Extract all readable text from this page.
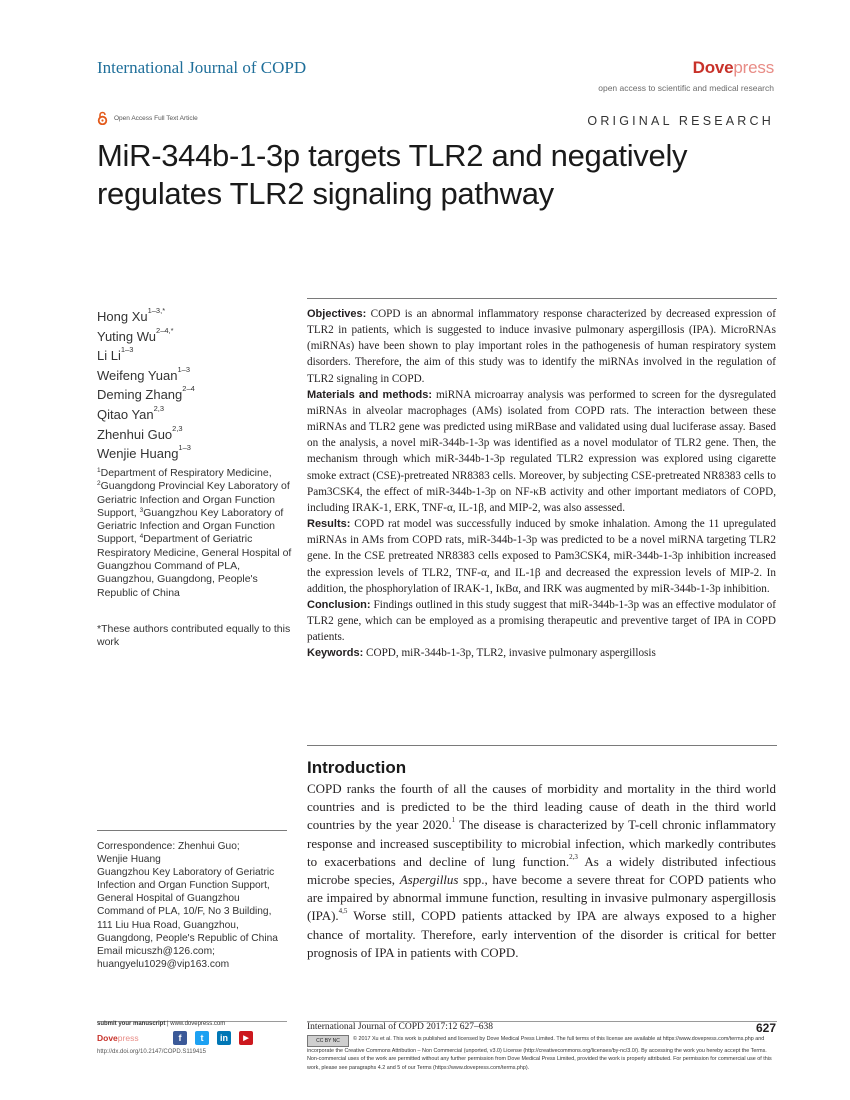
International Journal of COPD	Dovepress
open access to scientific and medical research
Open Access Full Text Article	ORIGINAL RESEARCH
MiR-344b-1-3p targets TLR2 and negatively regulates TLR2 signaling pathway
Hong $Xu^{1-3,*}$
Yuting $Wu^{2-4,*}$
Li Li$^{1-3}$
Weifeng Yuan$^{1-3}$
Deming Zhang$^{2-4}$
Qitao Yan$^{2,3}$
Zhenhui Guo$^{2,3}$
Wenjie Huang$^{1-3}$
$^1$Department of Respiratory Medicine, $^2$Guangdong Provincial Key Laboratory of Geriatric Infection and Organ Function Support, $^3$Guangzhou Key Laboratory of Geriatric Infection and Organ Function Support, $^4$Department of Geriatric Respiratory Medicine, General Hospital of Guangzhou Command of PLA, Guangzhou, Guangdong, People's Republic of China
*These authors contributed equally to this work
Correspondence: Zhenhui Guo;
Wenjie Huang
Guangzhou Key Laboratory of Geriatric
Infection and Organ Function Support,
General Hospital of Guangzhou
Command of PLA, 10/F, No 3 Building,
111 Liu Hua Road, Guangzhou,
Guangdong, People's Republic of China
Email micuszh@126.com;
huangyelu1029@vip163.com

Objectives: COPD is an abnormal inflammatory response characterized by decreased expression of TLR2 in patients, which is suggested to induce invasive pulmonary aspergillosis (IPA). MicroRNAs (miRNAs) have been shown to play important roles in the pathogenesis of human respiratory system disorders. Therefore, the aim of this study was to identify the miRNAs involved in the regulation of TLR2 signaling in COPD.

Materials and methods: miRNA microarray analysis was performed to screen for the dysregulated miRNAs in alveolar macrophages (AMs) isolated from COPD rats. The interaction between these miRNAs and TLR2 gene was predicted using miRBase and validated using dual luciferase assay. Based on the analysis, a novel miR-344b-1-3p was identified as a novel modulator of TLR2 gene. Then, the mechanism through which miR-344b-1-3p regulated TLR2 expression was explored using cigarette smoke extract (CSE)-pretreated NR8383 cells. Moreover, by subjecting CSE-pretreated NR8383 cells to Pam3CSK4, the effect of miR-344b-1-3p on NF-κB activity and other important mediators of COPD, including IRAK-1, ERK, TNF-α, IL-1β, and MIP-2, was also assessed.

Results: COPD rat model was successfully induced by smoke inhalation. Among the 11 upregulated miRNAs in AMs from COPD rats, miR-344b-1-3p was predicted to be a novel miRNA targeting TLR2 gene. In the CSE pretreated NR8383 cells exposed to Pam3CSK4, miR-344b-1-3p inhibition increased the expression levels of TLR2, TNF-α, and IL-1β and decreased the expression levels of MIP-2. In addition, the phosphorylation of IRAK-1, IκBα, and IRK was augmented by miR-344b-1-3p inhibition.

Conclusion: Findings outlined in this study suggest that miR-344b-1-3p was an effective modulator of TLR2 gene, which can be employed as a promising therapeutic and preventive target of IPA in COPD patients.

Keywords: COPD, miR-344b-1-3p, TLR2, invasive pulmonary aspergillosis

Introduction
COPD ranks the fourth of all the causes of morbidity and mortality in the third world countries and is predicted to be the third leading cause of death in the third world countries by the year 2020.$^1$ The disease is characterized by T-cell chronic inflammatory response and increased susceptibility to microbial infection, which markedly contributes to exacerbations and decline of lung function.$^{2,3}$ As a widely distributed infectious microbe species, Aspergillus spp., have become a severe threat for COPD patients who are impaired by abnormal immune function, resulting in invasive pulmonary aspergillosis (IPA).$^{4,5}$ Worse still, COPD patients attacked by IPA are always exposed to a higher chance of mortality. Therefore, early intervention of the disorder is critical for better prognosis of IPA in patients with COPD.
submit your manuscript | www.dovepress.com
Dovepress
http://dx.doi.org/10.2147/COPD.S119415
f	t	in	▶
International Journal of COPD 2017:12 627–638	627
CC BY NC © 2017 Xu et al. This work is published and licensed by Dove Medical Press Limited. The full terms of this license are available at https://www.dovepress.com/terms.php and incorporate the Creative Commons Attribution – Non Commercial (unported, v3.0) License (http://creativecommons.org/licenses/by-nc/3.0/). By accessing the work you hereby accept the Terms. Non-commercial uses of the work are permitted without any further permission from Dove Medical Press Limited, provided the work is properly attributed. For permission for commercial use of this work, please see paragraphs 4.2 and 5 of our Terms (https://www.dovepress.com/terms.php).
